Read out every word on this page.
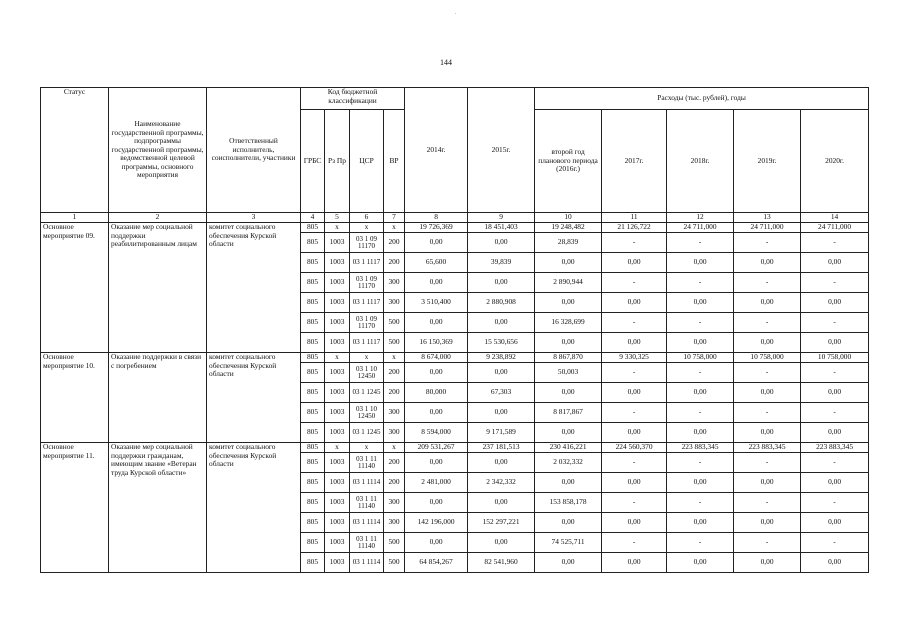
.
144
Статус	Наименование государственной программы, подпрограммы государственной программы, ведомственной целевой программы, основного мероприятия	Ответственный исполнитель, соисполнители, участники	Код бюджетной классификации				2014г.	2015г.	Расходы (тыс. рублей), годы				
			ГРБС	Рз Пр	ЦСР	ВР			второй год планового периода (2016г.)	2017г.	2018г.	2019г.	2020г.
1	2	3	4	5	6	7	8	9	10	11	12	13	14
Основное мероприятие 09.	Оказание мер социальной поддержки реабилитированным лицам	комитет социального обеспечения Курской области	805	х	х	х	19 726,369	18 451,403	19 248,482	21 126,722	24 711,000	24 711,000	24 711,000
			805	1003	03 1 09 11170	200	0,00	0,00	28,839	-	-	-	-
			805	1003	03 1 1117	200	65,600	39,839	0,00	0,00	0,00	0,00	0,00
			805	1003	03 1 09 11170	300	0,00	0,00	2 890,944	-	-	-	-
			805	1003	03 1 1117	300	3 510,400	2 880,908	0,00	0,00	0,00	0,00	0,00
			805	1003	03 1 09 11170	500	0,00	0,00	16 328,699	-	-	-	-
			805	1003	03 1 1117	500	16 150,369	15 530,656	0,00	0,00	0,00	0,00	0,00
Основное мероприятие 10.	Оказание поддержки в связи с погребением	комитет социального обеспечения Курской области	805	х	х	х	8 674,000	9 238,892	8 867,870	9 330,325	10 758,000	10 758,000	10 758,000
			805	1003	03 1 10 12450	200	0,00	0,00	50,003	-	-	-	-
			805	1003	03 1 1245	200	80,000	67,303	0,00	0,00	0,00	0,00	0,00
			805	1003	03 1 10 12450	300	0,00	0,00	8 817,867	-	-	-	-
			805	1003	03 1 1245	300	8 594,000	9 171,589	0,00	0,00	0,00	0,00	0,00
Основное мероприятие 11.	Оказание мер социальной поддержки гражданам, имеющим звание «Ветеран труда Курской области»	комитет социального обеспечения Курской области	805	х	х	х	209 531,267	237 181,513	230 416,221	224 560,370	223 883,345	223 883,345	223 883,345
			805	1003	03 1 11 11140	200	0,00	0,00	2 032,332	-	-	-	-
			805	1003	03 1 1114	200	2 481,000	2 342,332	0,00	0,00	0,00	0,00	0,00
			805	1003	03 1 11 11140	300	0,00	0,00	153 858,178	-	-	-	-
			805	1003	03 1 1114	300	142 196,000	152 297,221	0,00	0,00	0,00	0,00	0,00
			805	1003	03 1 11 11140	500	0,00	0,00	74 525,711	-	-	-	-
			805	1003	03 1 1114	500	64 854,267	82 541,960	0,00	0,00	0,00	0,00	0,00
